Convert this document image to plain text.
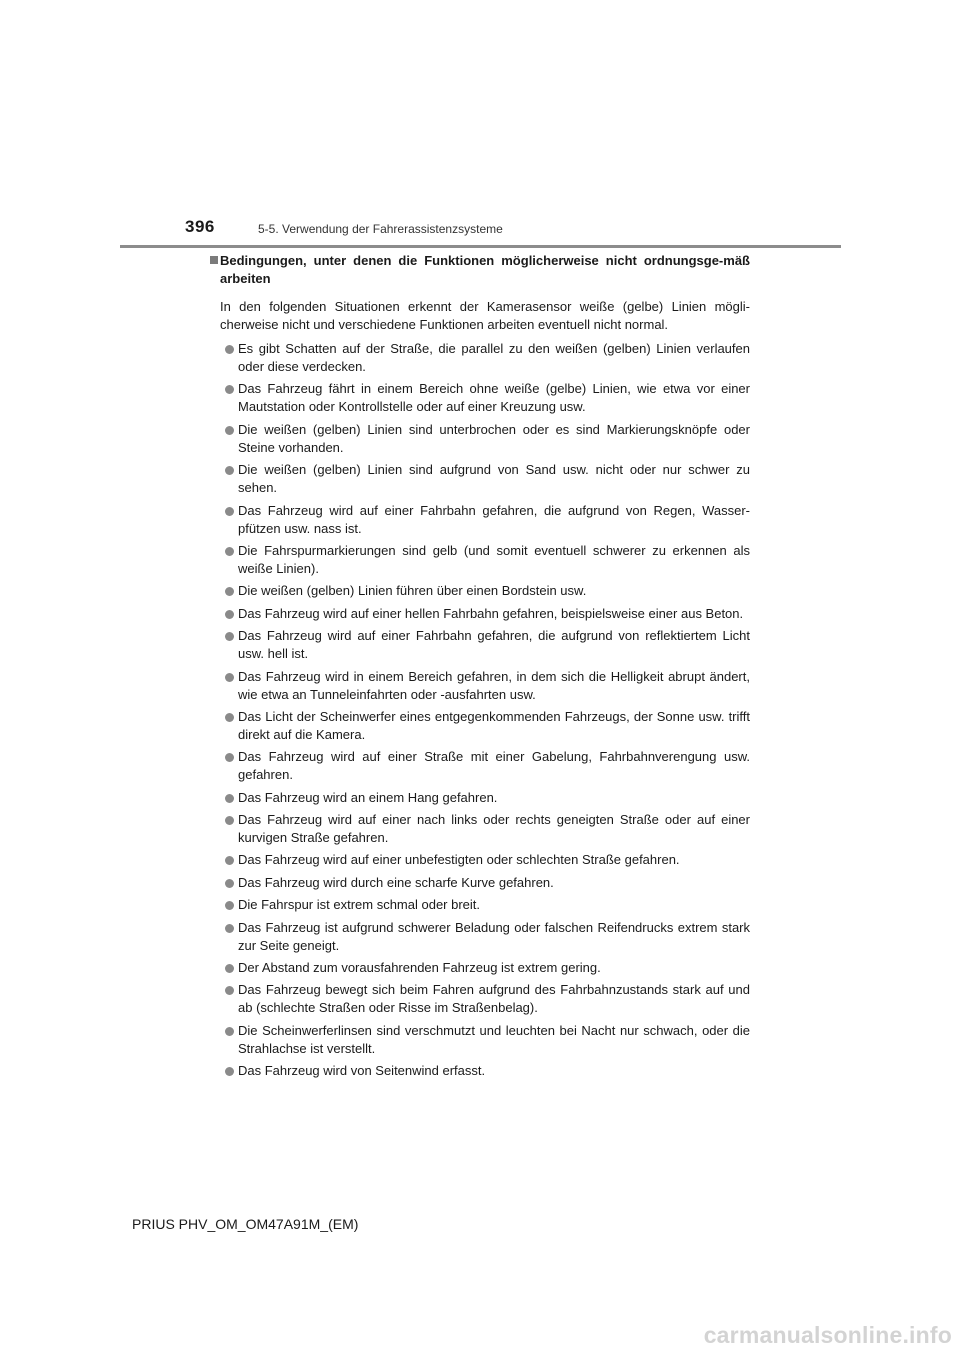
396	5-5. Verwendung der Fahrerassistenzsysteme
Bedingungen, unter denen die Funktionen möglicherweise nicht ordnungsge-mäß arbeiten
In den folgenden Situationen erkennt der Kamerasensor weiße (gelbe) Linien mögli-cherweise nicht und verschiedene Funktionen arbeiten eventuell nicht normal.
Es gibt Schatten auf der Straße, die parallel zu den weißen (gelben) Linien verlaufen oder diese verdecken.
Das Fahrzeug fährt in einem Bereich ohne weiße (gelbe) Linien, wie etwa vor einer Mautstation oder Kontrollstelle oder auf einer Kreuzung usw.
Die weißen (gelben) Linien sind unterbrochen oder es sind Markierungsknöpfe oder Steine vorhanden.
Die weißen (gelben) Linien sind aufgrund von Sand usw. nicht oder nur schwer zu sehen.
Das Fahrzeug wird auf einer Fahrbahn gefahren, die aufgrund von Regen, Wasser-pfützen usw. nass ist.
Die Fahrspurmarkierungen sind gelb (und somit eventuell schwerer zu erkennen als weiße Linien).
Die weißen (gelben) Linien führen über einen Bordstein usw.
Das Fahrzeug wird auf einer hellen Fahrbahn gefahren, beispielsweise einer aus Beton.
Das Fahrzeug wird auf einer Fahrbahn gefahren, die aufgrund von reflektiertem Licht usw. hell ist.
Das Fahrzeug wird in einem Bereich gefahren, in dem sich die Helligkeit abrupt ändert, wie etwa an Tunneleinfahrten oder -ausfahrten usw.
Das Licht der Scheinwerfer eines entgegenkommenden Fahrzeugs, der Sonne usw. trifft direkt auf die Kamera.
Das Fahrzeug wird auf einer Straße mit einer Gabelung, Fahrbahnverengung usw. gefahren.
Das Fahrzeug wird an einem Hang gefahren.
Das Fahrzeug wird auf einer nach links oder rechts geneigten Straße oder auf einer kurvigen Straße gefahren.
Das Fahrzeug wird auf einer unbefestigten oder schlechten Straße gefahren.
Das Fahrzeug wird durch eine scharfe Kurve gefahren.
Die Fahrspur ist extrem schmal oder breit.
Das Fahrzeug ist aufgrund schwerer Beladung oder falschen Reifendrucks extrem stark zur Seite geneigt.
Der Abstand zum vorausfahrenden Fahrzeug ist extrem gering.
Das Fahrzeug bewegt sich beim Fahren aufgrund des Fahrbahnzustands stark auf und ab (schlechte Straßen oder Risse im Straßenbelag).
Die Scheinwerferlinsen sind verschmutzt und leuchten bei Nacht nur schwach, oder die Strahlachse ist verstellt.
Das Fahrzeug wird von Seitenwind erfasst.
PRIUS PHV_OM_OM47A91M_(EM)
carmanualsonline.info
